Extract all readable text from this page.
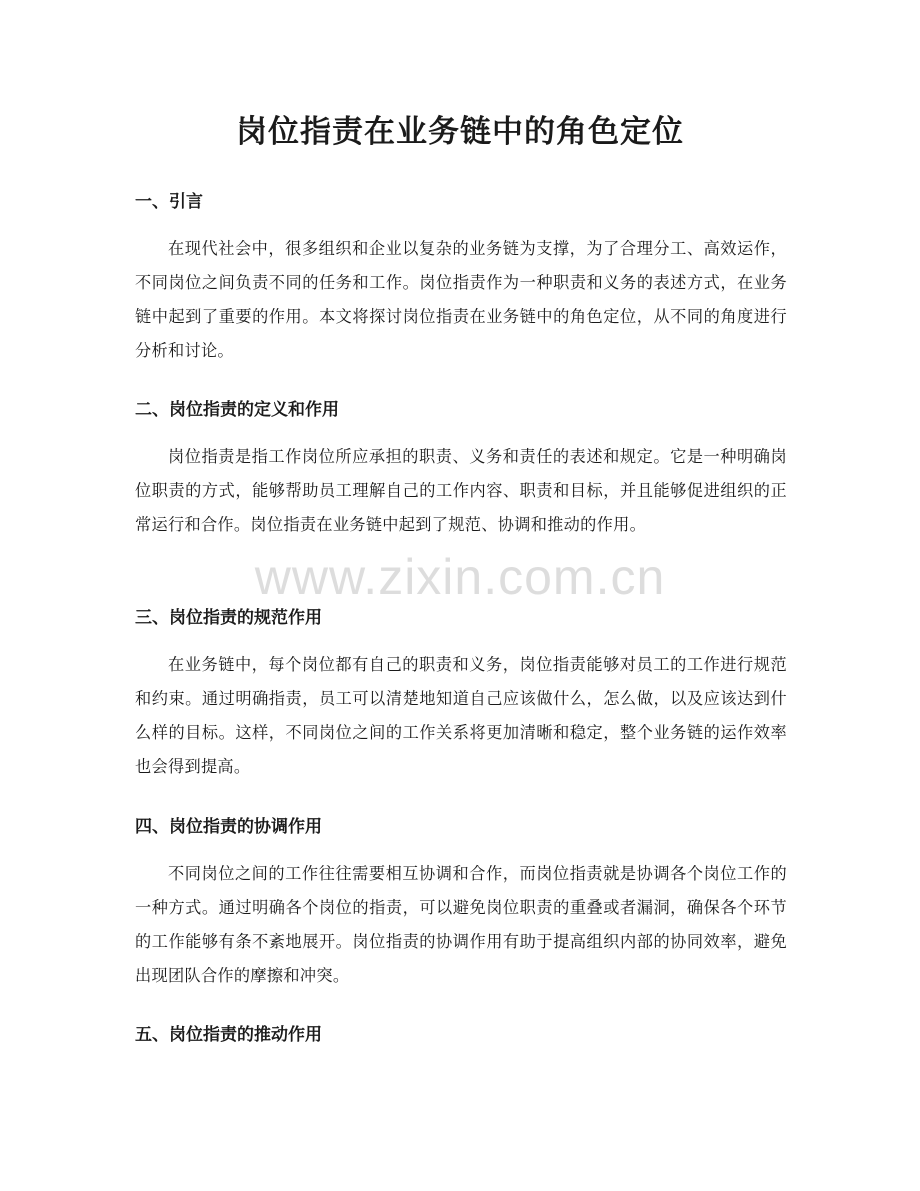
岗位指责在业务链中的角色定位
一、引言

在现代社会中，很多组织和企业以复杂的业务链为支撑，为了合理分工、高效运作，不同岗位之间负责不同的任务和工作。岗位指责作为一种职责和义务的表述方式，在业务链中起到了重要的作用。本文将探讨岗位指责在业务链中的角色定位，从不同的角度进行分析和讨论。

二、岗位指责的定义和作用

岗位指责是指工作岗位所应承担的职责、义务和责任的表述和规定。它是一种明确岗位职责的方式，能够帮助员工理解自己的工作内容、职责和目标，并且能够促进组织的正常运行和合作。岗位指责在业务链中起到了规范、协调和推动的作用。

三、岗位指责的规范作用

在业务链中，每个岗位都有自己的职责和义务，岗位指责能够对员工的工作进行规范和约束。通过明确指责，员工可以清楚地知道自己应该做什么，怎么做，以及应该达到什么样的目标。这样，不同岗位之间的工作关系将更加清晰和稳定，整个业务链的运作效率也会得到提高。

四、岗位指责的协调作用

不同岗位之间的工作往往需要相互协调和合作，而岗位指责就是协调各个岗位工作的一种方式。通过明确各个岗位的指责，可以避免岗位职责的重叠或者漏洞，确保各个环节的工作能够有条不紊地展开。岗位指责的协调作用有助于提高组织内部的协同效率，避免出现团队合作的摩擦和冲突。

五、岗位指责的推动作用
www.zixin.com.cn
